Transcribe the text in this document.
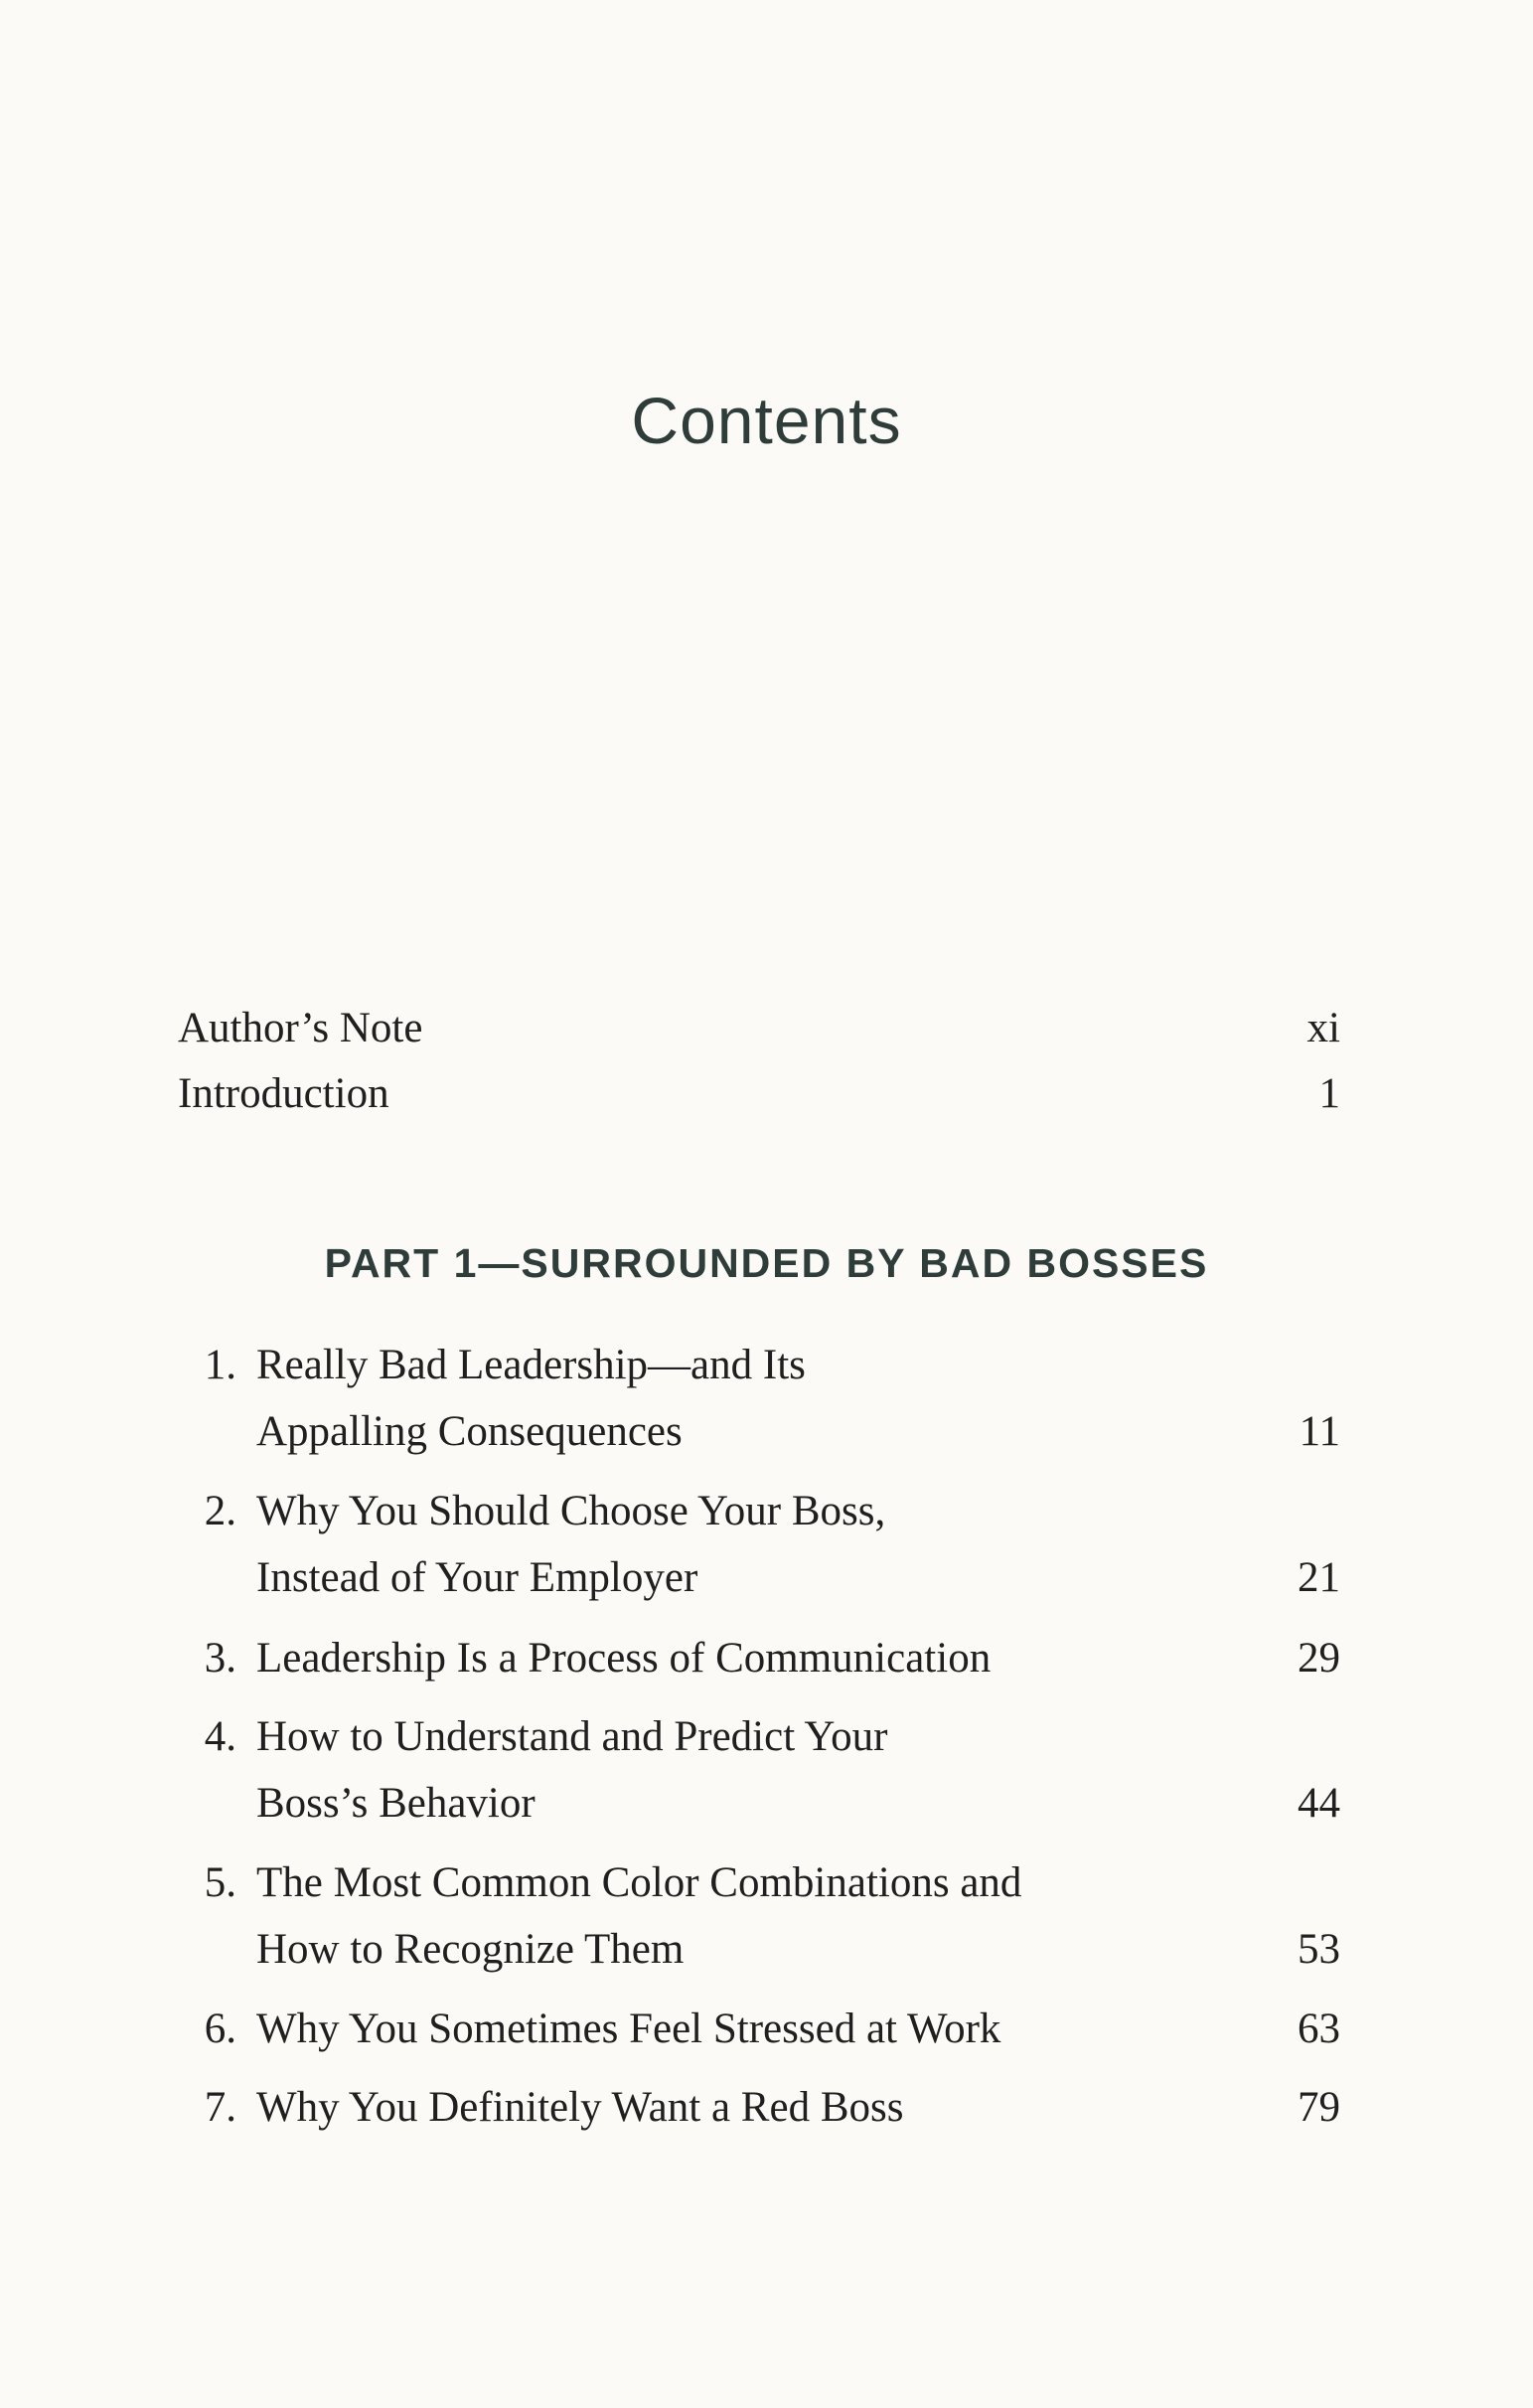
Contents
Author’s Note	xi
Introduction	1
PART 1—SURROUNDED BY BAD BOSSES
1. Really Bad Leadership—and Its
Appalling Consequences	11
2. Why You Should Choose Your Boss,
Instead of Your Employer	21
3. Leadership Is a Process of Communication	29
4. How to Understand and Predict Your
Boss’s Behavior	44
5. The Most Common Color Combinations and
How to Recognize Them	53
6. Why You Sometimes Feel Stressed at Work	63
7. Why You Definitely Want a Red Boss	79
